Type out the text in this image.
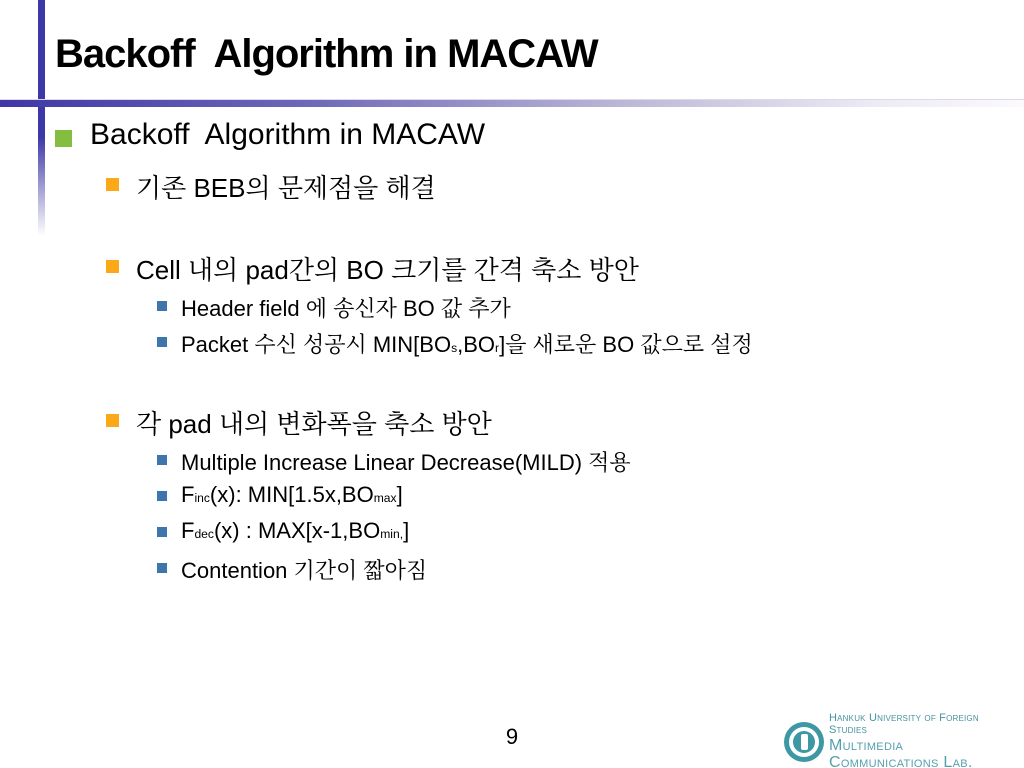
Backoff  Algorithm in MACAW
Backoff  Algorithm in MACAW
기존 BEB의 문제점을 해결
Cell 내의 pad간의 BO 크기를 간격 축소 방안
Header field 에 송신자 BO 값 추가
Packet 수신 성공시 MIN[BOs,BOr]을 새로운 BO 값으로 설정
각 pad 내의 변화폭을 축소 방안
Multiple Increase Linear Decrease(MILD) 적용
Finc(x): MIN[1.5x,BOmax]
Fdec(x) : MAX[x-1,BOmin,]
Contention 기간이 짧아짐
9
Hankuk University of Foreign Studies
Multimedia Communications Lab.
